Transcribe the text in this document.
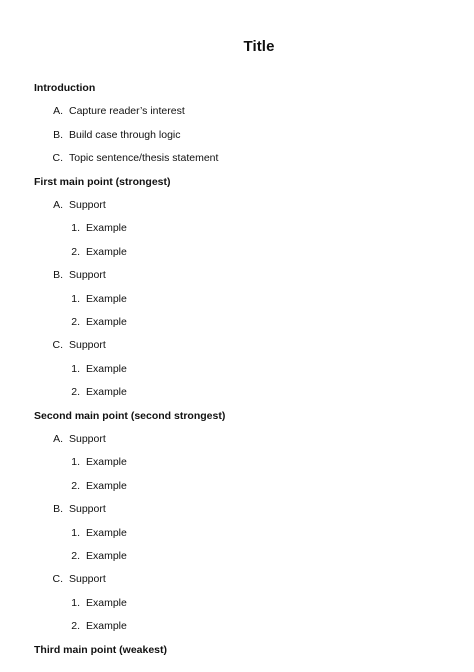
Title
Introduction
A. Capture reader’s interest
B. Build case through logic
C. Topic sentence/thesis statement
First main point (strongest)
A. Support
1. Example
2. Example
B. Support
1. Example
2. Example
C. Support
1. Example
2. Example
Second main point (second strongest)
A. Support
1. Example
2. Example
B. Support
1. Example
2. Example
C. Support
1. Example
2. Example
Third main point (weakest)
